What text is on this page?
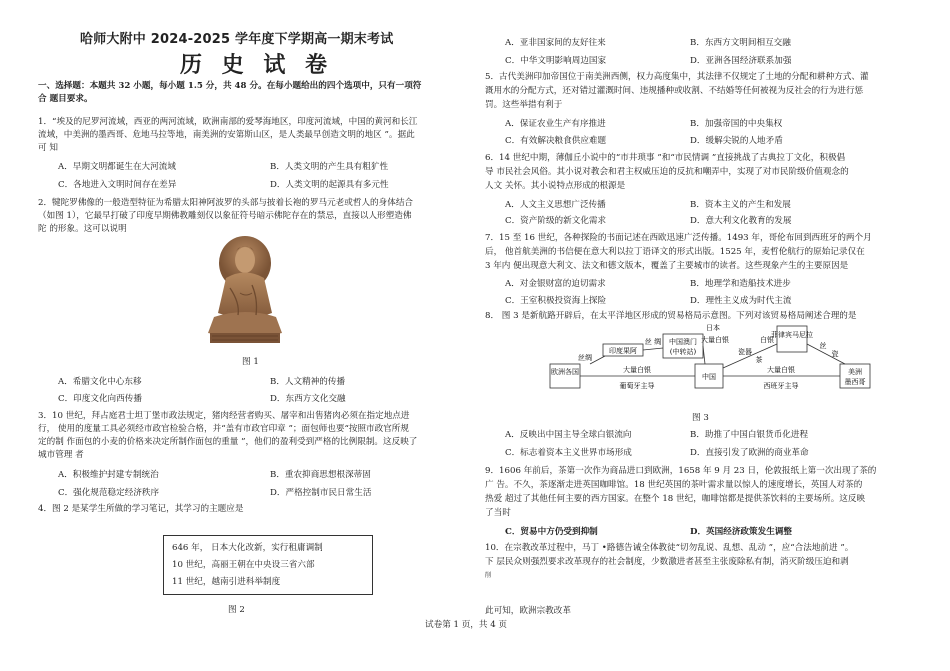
哈师大附中 2024-2025 学年度下学期高一期末考试
历 史 试 卷
一、选择题：本题共 32 小题，每小题 1.5 分，共 48 分。在每小题给出的四个选项中，只有一项符
合 题目要求。
1．“埃及的尼罗河流域，西亚的两河流域，欧洲南部的爱琴海地区，印度河流域，中国的黄河和长江
流域，中美洲的墨西哥、危地马拉等地，南美洲的安第斯山区，是人类最早创造文明的地区 ”。据此
可 知
A．早期文明都诞生在大河流域	B．人类文明的产生具有粗犷性
C．各地进入文明时间存在差异	D．人类文明的起源具有多元性
2．犍陀罗佛像的一般造型特征为希腊太阳神阿波罗的头部与披着长袍的罗马元老或哲人的身体结合
（如图 1），它最早打破了印度早期佛教雕刻仅以象征符号暗示佛陀存在的禁忌，直接以人形塑造佛
陀 的形象。这可以说明
图 1
A．希腊文化中心东移	B．人文精神的传播
C．印度文化向西传播	D．东西方文化交融
3．10 世纪，拜占庭君士坦丁堡市政法规定，猪肉经营者购买、屠宰和出售猪肉必须在指定地点进
行， 使用的度量工具必须经市政官检验合格，并“盖有市政官印章 ”；面包师也要“按照市政官所规
定的制 作面包的小麦的价格来决定所制作面包的重量 ”，他们的盈利受到严格的比例限制。这反映了
城市管理 者
A．积极维护封建专制统治	B．重农抑商思想根深蒂固
C．强化规范稳定经济秩序	D．严格控制市民日常生活
4．图 2 是某学生所做的学习笔记，其学习的主题应是
646 年， 日本大化改新，实行租庸调制
10 世纪，高丽王朝在中央设三省六部
11 世纪，越南引进科举制度
图 2
A．亚非国家间的友好往来	B．东西方文明间相互交融
C．中华文明影响周边国家	D．亚洲各国经济联系加强
5．古代美洲印加帝国位于南美洲西侧，权力高度集中，其法律不仅规定了土地的分配和耕种方式、灌
溉用水的分配方式，还对错过灌溉时间、违规播种或收割、不结婚等任何被视为反社会的行为进行惩
罚。这些举措有利于
A．保证农业生产有序推进	B．加强帝国的中央集权
C．有效解决粮食供应难题	D．缓解尖锐的人地矛盾
6．14 世纪中期，薄伽丘小说中的“市井琐事 ”和“市民情调 ”直接挑战了古典拉丁文化，积极倡
导 市民社会风俗。其小说对教会和君主权威压迫的反抗和嘲弄中，实现了对市民阶级价值观念的
人文 关怀。其小说特点形成的根源是
A．人文主义思想广泛传播	B．资本主义的产生和发展
C．资产阶级的新文化需求	D．意大利文化教育的发展
7．15 至 16 世纪，各种探险的书面记述在西欧迅速广泛传播。1493 年，哥伦布回到西班牙的两个月
后， 他首航美洲的书信便在意大利以拉丁语译文的形式出版。1525 年，麦哲伦航行的原始记录仅在
3 年内 便出现意大利文、法文和德文版本，覆盖了主要城市的读者。这些现象产生的主要原因是
A．对金银财富的迫切需求	B．地理学和造船技术进步
C．王室积极投资海上探险	D．理性主义成为时代主流
8． 图 3 是新航路开辟后，在太平洋地区形成的贸易格局示意图。下列对该贸易格局阐述合理的是
印度果阿
中国澳门
(中转站)
欧洲各国
中国
菲律宾马尼拉
美洲
墨西哥
日本
大量白银
丝 绸
丝绸
大量白银
葡萄牙主导
大量白银
西班牙主导
瓷器
茶
丝
瓷
白银
图 3
A．反映出中国主导全球白银流向	B．助推了中国白银货币化进程
C．标志着资本主义世界市场形成	D．直接引发了欧洲的商业革命
9．1606 年前后，茶第一次作为商品进口到欧洲，1658 年 9 月 23 日，伦敦报纸上第一次出现了茶的
广 告。不久，茶逐渐走进英国咖啡馆。18 世纪英国的茶叶需求量以惊人的速度增长，英国人对茶的
热爱 超过了其他任何主要的西方国家。在整个 18 世纪，咖啡馆都是提供茶饮料的主要场所。这反映
了当时
C．贸易中方仍受到抑制	D．英国经济政策发生调整
10．在宗教改革过程中，马丁 •路德告诫全体教徒“切勿乱说、乱想、乱动 ”，应“合法地前进 ”。
下 层民众则强烈要求改革现存的社会制度，少数激进者甚至主张废除私有制，消灭阶级压迫和剥
削
此可知，欧洲宗教改革
试卷第 1 页，共 4 页
